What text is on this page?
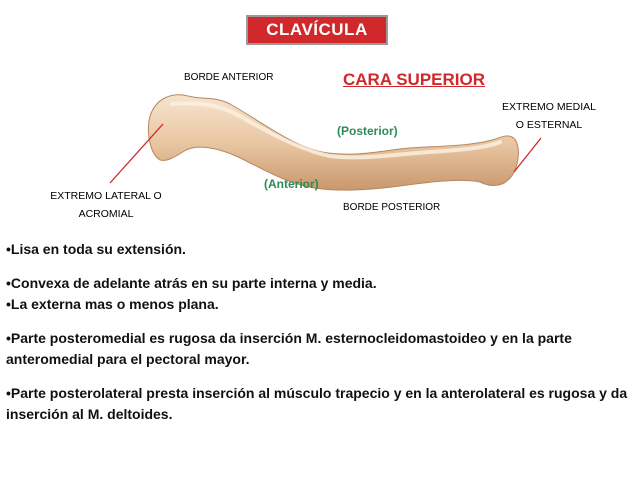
CLAVÍCULA
BORDE ANTERIOR	CARA SUPERIOR
EXTREMO MEDIAL
O ESTERNAL
(Posterior)
(Anterior)
EXTREMO LATERAL O
ACROMIAL
BORDE POSTERIOR

•Lisa en toda su extensión.

•Convexa de adelante atrás en su parte interna y media.

•La externa mas o menos plana.

•Parte posteromedial es rugosa da inserción M. esternocleidomastoideo y en la parte anteromedial para el pectoral mayor.

•Parte posterolateral presta inserción al músculo trapecio y en la anterolateral es rugosa y da inserción al M. deltoides.
